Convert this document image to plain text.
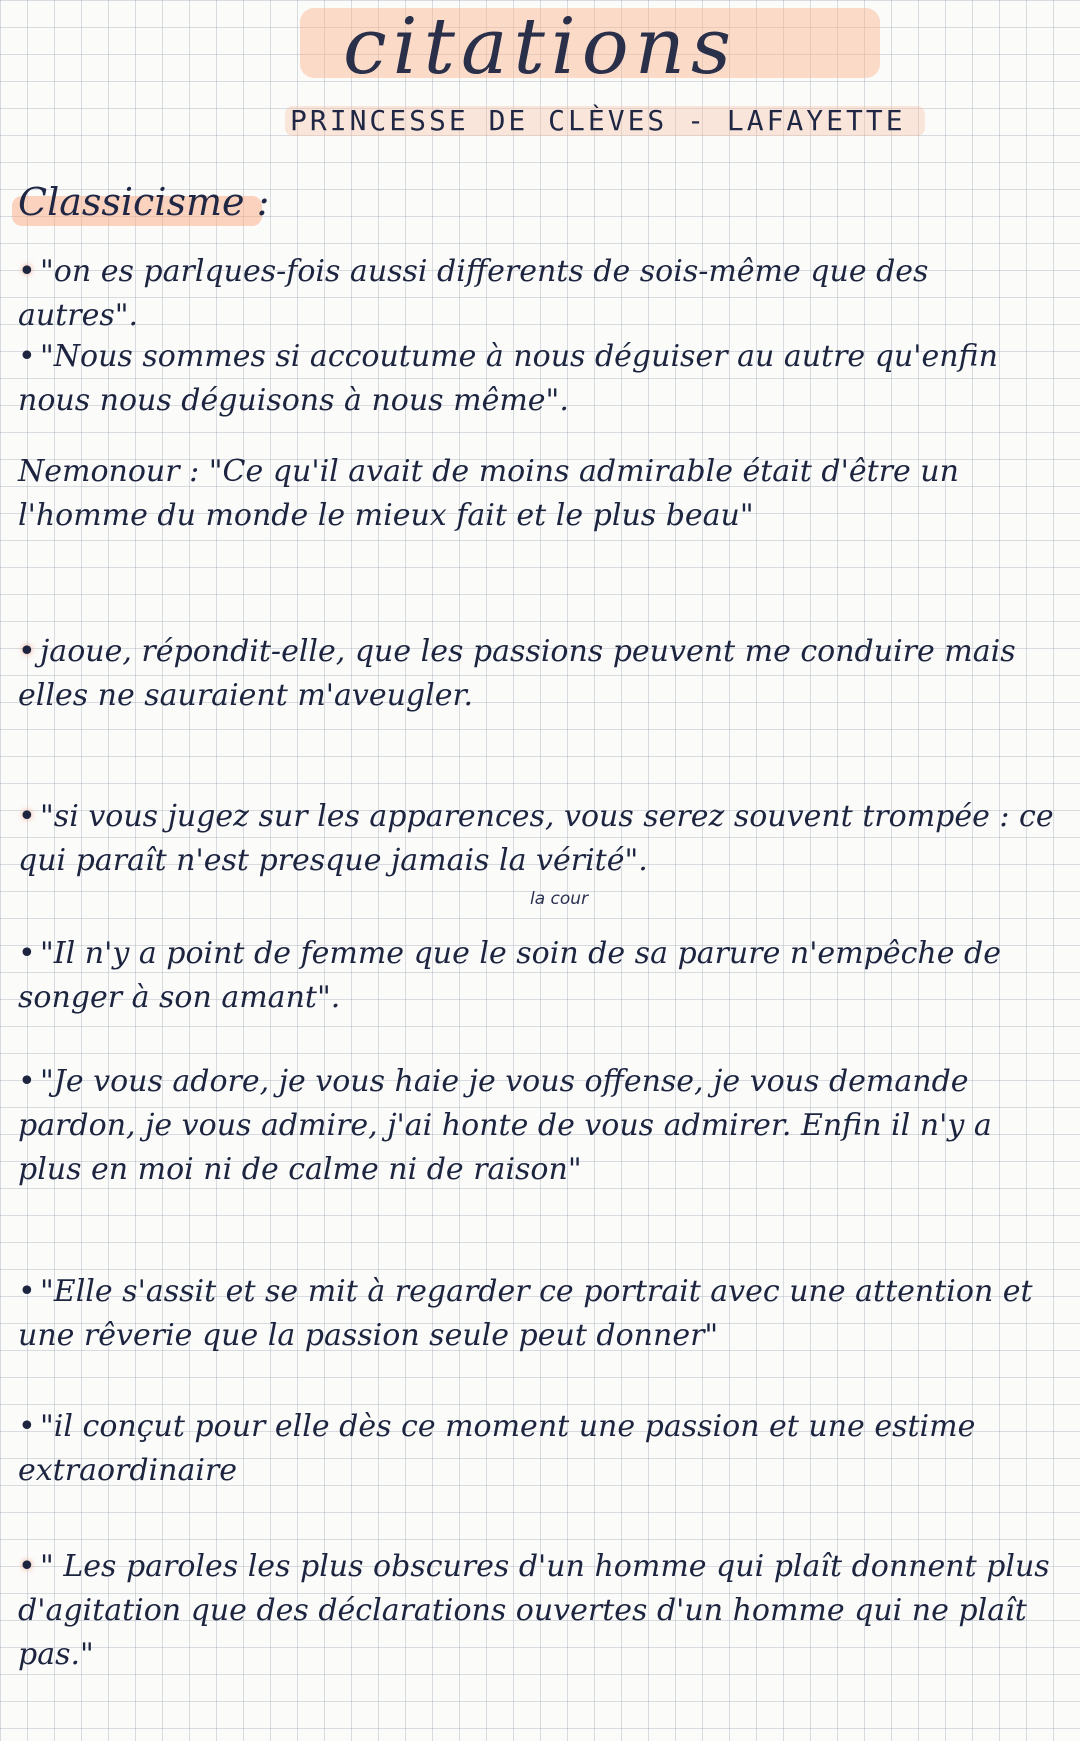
citations
PRINCESSE DE CLÈVES - LAFAYETTE
Classicisme :
•"on es parlques-fois aussi differents de sois-même que des autres".
•"Nous sommes si accoutume à nous déguiser au autre qu'enfin nous nous déguisons à nous même".
Nemonour : "Ce qu'il avait de moins admirable était d'être un l'homme du monde le mieux fait et le plus beau"
•jaoue, répondit-elle, que les passions peuvent me conduire mais elles ne sauraient m'aveugler.
•"si vous jugez sur les apparences, vous serez souvent trompée : ce qui paraît n'est presque jamais la vérité".
la cour
•"Il n'y a point de femme que le soin de sa parure n'empêche de songer à son amant".
•"Je vous adore, je vous haie je vous offense, je vous demande pardon, je vous admire, j'ai honte de vous admirer. Enfin il n'y a plus en moi ni de calme ni de raison"
•"Elle s'assit et se mit à regarder ce portrait avec une attention et une rêverie que la passion seule peut donner"
•"il conçut pour elle dès ce moment une passion et une estime extraordinaire
•" Les paroles les plus obscures d'un homme qui plaît donnent plus d'agitation que des déclarations ouvertes d'un homme qui ne plaît pas."
